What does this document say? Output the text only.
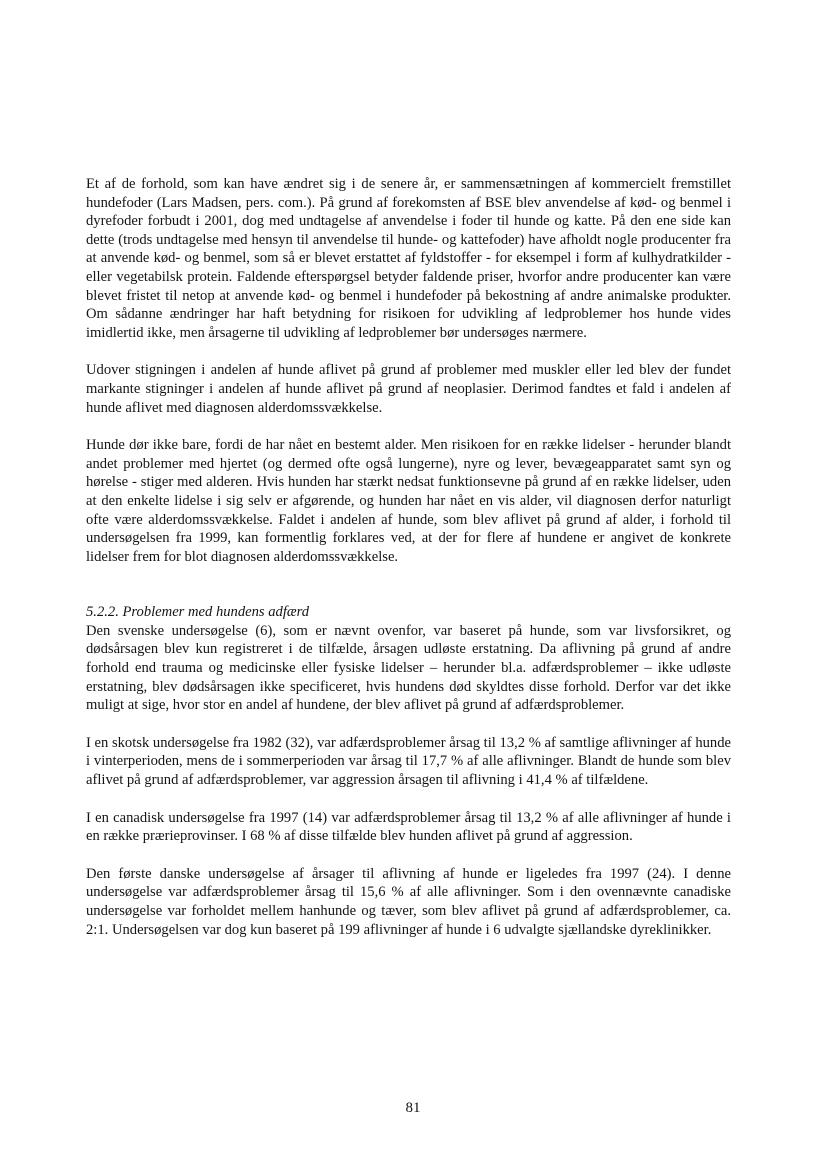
Et af de forhold, som kan have ændret sig i de senere år, er sammensætningen af kommercielt fremstillet hundefoder (Lars Madsen, pers. com.). På grund af forekomsten af BSE blev anvendelse af kød- og benmel i dyrefoder forbudt i 2001, dog med undtagelse af anvendelse i foder til hunde og katte. På den ene side kan dette (trods undtagelse med hensyn til anvendelse til hunde- og kattefoder) have afholdt nogle producenter fra at anvende kød- og benmel, som så er blevet erstattet af fyldstoffer - for eksempel i form af kulhydratkilder - eller vegetabilsk protein. Faldende efterspørgsel betyder faldende priser, hvorfor andre producenter kan være blevet fristet til netop at anvende kød- og benmel i hundefoder på bekostning af andre animalske produkter. Om sådanne ændringer har haft betydning for risikoen for udvikling af ledproblemer hos hunde vides imidlertid ikke, men årsagerne til udvikling af ledproblemer bør undersøges nærmere.

Udover stigningen i andelen af hunde aflivet på grund af problemer med muskler eller led blev der fundet markante stigninger i andelen af hunde aflivet på grund af neoplasier. Derimod fandtes et fald i andelen af hunde aflivet med diagnosen alderdomssvækkelse.

Hunde dør ikke bare, fordi de har nået en bestemt alder. Men risikoen for en række lidelser - herunder blandt andet problemer med hjertet (og dermed ofte også lungerne), nyre og lever, bevægeapparatet samt syn og hørelse - stiger med alderen. Hvis hunden har stærkt nedsat funktionsevne på grund af en række lidelser, uden at den enkelte lidelse i sig selv er afgørende, og hunden har nået en vis alder, vil diagnosen derfor naturligt ofte være alderdomssvækkelse. Faldet i andelen af hunde, som blev aflivet på grund af alder, i forhold til undersøgelsen fra 1999, kan formentlig forklares ved, at der for flere af hundene er angivet de konkrete lidelser frem for blot diagnosen alderdomssvækkelse.

5.2.2. Problemer med hundens adfærd

Den svenske undersøgelse (6), som er nævnt ovenfor, var baseret på hunde, som var livsforsikret, og dødsårsagen blev kun registreret i de tilfælde, årsagen udløste erstatning. Da aflivning på grund af andre forhold end trauma og medicinske eller fysiske lidelser – herunder bl.a. adfærdsproblemer – ikke udløste erstatning, blev dødsårsagen ikke specificeret, hvis hundens død skyldtes disse forhold. Derfor var det ikke muligt at sige, hvor stor en andel af hundene, der blev aflivet på grund af adfærdsproblemer.

I en skotsk undersøgelse fra 1982 (32), var adfærdsproblemer årsag til 13,2 % af samtlige aflivninger af hunde i vinterperioden, mens de i sommerperioden var årsag til 17,7 % af alle aflivninger. Blandt de hunde som blev aflivet på grund af adfærdsproblemer, var aggression årsagen til aflivning i 41,4 % af tilfældene.

I en canadisk undersøgelse fra 1997 (14) var adfærdsproblemer årsag til 13,2 % af alle aflivninger af hunde i en række prærieprovinser. I 68 % af disse tilfælde blev hunden aflivet på grund af aggression.

Den første danske undersøgelse af årsager til aflivning af hunde er ligeledes fra 1997 (24). I denne undersøgelse var adfærdsproblemer årsag til 15,6 % af alle aflivninger. Som i den ovennævnte canadiske undersøgelse var forholdet mellem hanhunde og tæver, som blev aflivet på grund af adfærdsproblemer, ca. 2:1. Undersøgelsen var dog kun baseret på 199 aflivninger af hunde i 6 udvalgte sjællandske dyreklinikker.

81
